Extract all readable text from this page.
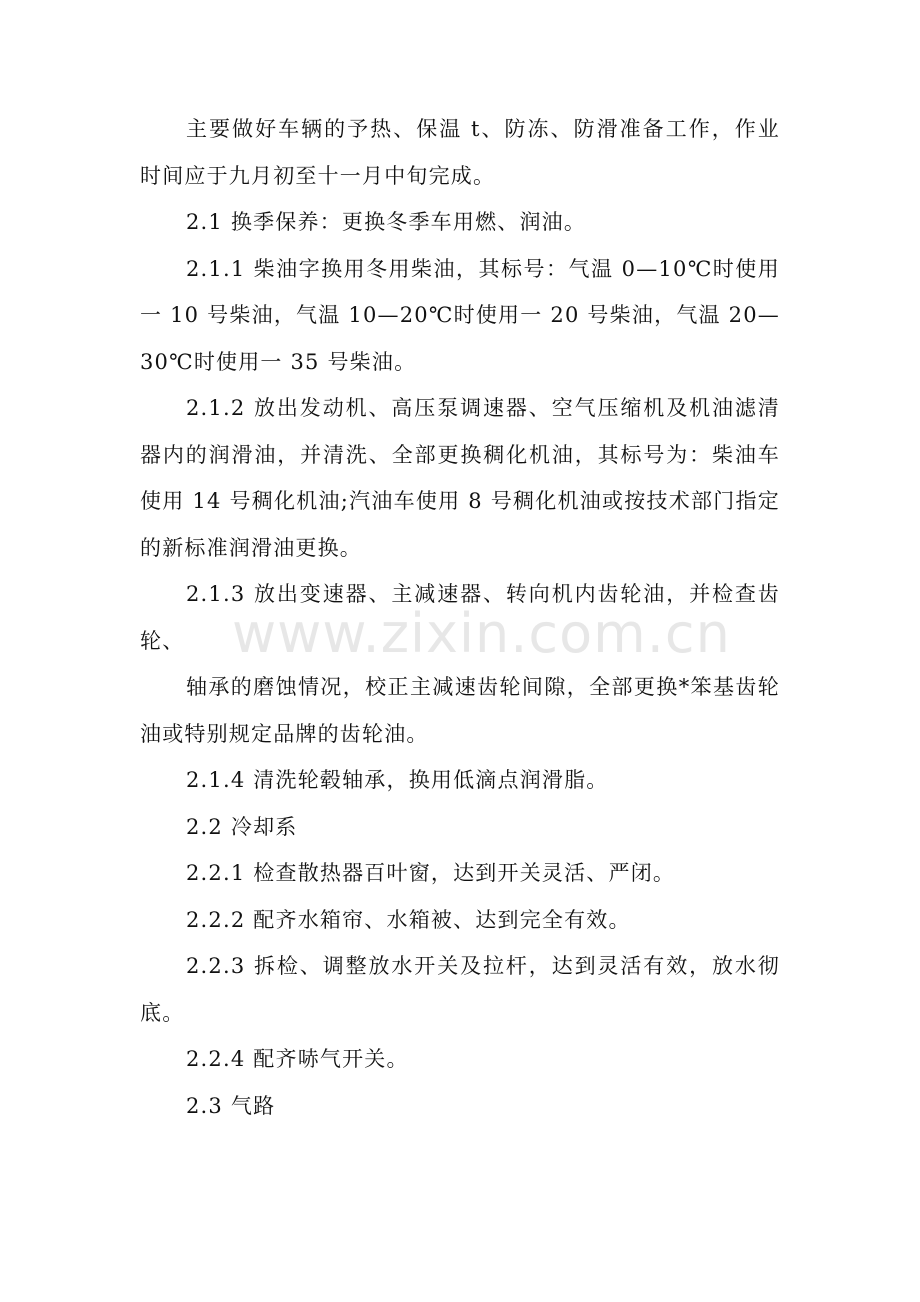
主要做好车辆的予热、保温 t、防冻、防滑准备工作，作业时间应于九月初至十一月中旬完成。

2.1 换季保养：更换冬季车用燃、润油。

2.1.1 柴油字换用冬用柴油，其标号：气温 0—10℃时使用一 10 号柴油，气温 10—20℃时使用一 20 号柴油，气温 20—30℃时使用一 35 号柴油。

2.1.2 放出发动机、高压泵调速器、空气压缩机及机油滤清器内的润滑油，并清洗、全部更换稠化机油，其标号为：柴油车使用 14 号稠化机油;汽油车使用 8 号稠化机油或按技术部门指定的新标准润滑油更换。

2.1.3 放出变速器、主减速器、转向机内齿轮油，并检查齿轮、

轴承的磨蚀情况，校正主减速齿轮间隙，全部更换*笨基齿轮油或特别规定品牌的齿轮油。

2.1.4 清洗轮毂轴承，换用低滴点润滑脂。

2.2 冷却系

2.2.1 检查散热器百叶窗，达到开关灵活、严闭。

2.2.2 配齐水箱帘、水箱被、达到完全有效。

2.2.3 拆检、调整放水开关及拉杆，达到灵活有效，放水彻底。

2.2.4 配齐哧气开关。

2.3 气路

www.zixin.com.cn
